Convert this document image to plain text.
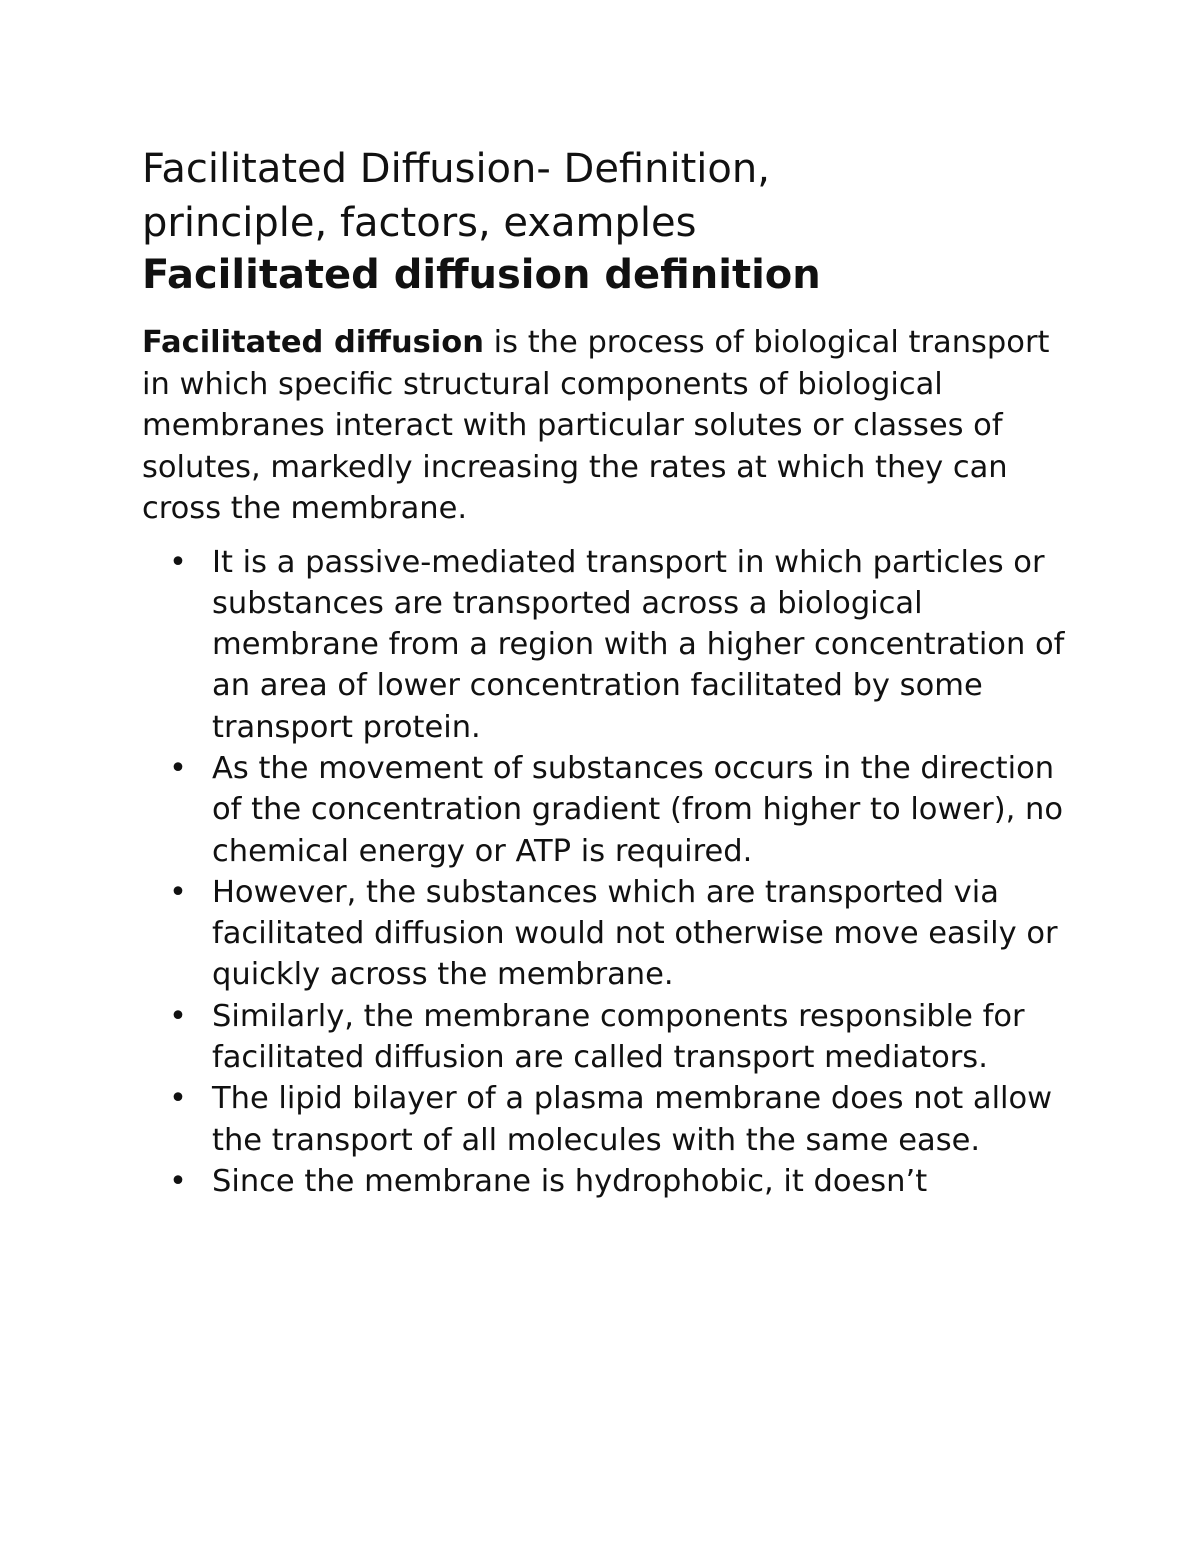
Facilitated Diffusion- Definition,
principle, factors, examples
Facilitated diffusion definition

Facilitated diffusion is the process of biological transport in which specific structural components of biological membranes interact with particular solutes or classes of solutes, markedly increasing the rates at which they can cross the membrane.

• It is a passive-mediated transport in which particles or substances are transported across a biological membrane from a region with a higher concentration of an area of lower concentration facilitated by some transport protein.
• As the movement of substances occurs in the direction of the concentration gradient (from higher to lower), no chemical energy or ATP is required.
• However, the substances which are transported via facilitated diffusion would not otherwise move easily or quickly across the membrane.
• Similarly, the membrane components responsible for facilitated diffusion are called transport mediators.
• The lipid bilayer of a plasma membrane does not allow the transport of all molecules with the same ease.
• Since the membrane is hydrophobic, it doesn’t
